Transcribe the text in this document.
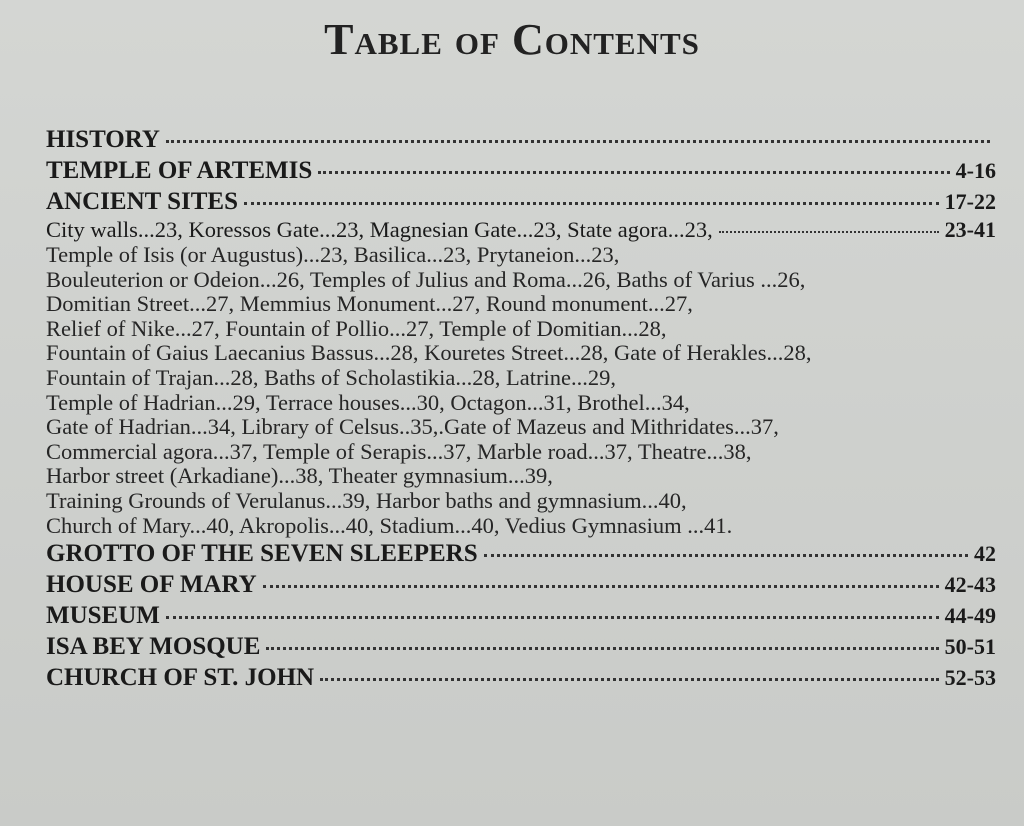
Table of Contents
HISTORY
TEMPLE OF ARTEMIS	4-16
ANCIENT SITES	17-22
City walls...23, Koressos Gate...23, Magnesian Gate...23, State agora...23,	23-41
Temple of Isis (or Augustus)...23, Basilica...23, Prytaneion...23,
Bouleuterion or Odeion...26, Temples of Julius and Roma...26, Baths of Varius ...26,
Domitian Street...27, Memmius Monument...27, Round monument...27,
Relief of Nike...27, Fountain of Pollio...27, Temple of Domitian...28,
Fountain of Gaius Laecanius Bassus...28, Kouretes Street...28, Gate of Herakles...28,
Fountain of Trajan...28, Baths of Scholastikia...28, Latrine...29,
Temple of Hadrian...29, Terrace houses...30, Octagon...31, Brothel...34,
Gate of Hadrian...34, Library of Celsus..35,.Gate of Mazeus and Mithridates...37,
Commercial agora...37, Temple of Serapis...37, Marble road...37, Theatre...38,
Harbor street (Arkadiane)...38, Theater gymnasium...39,
Training Grounds of Verulanus...39, Harbor baths and gymnasium...40,
Church of Mary...40, Akropolis...40, Stadium...40, Vedius Gymnasium ...41.
GROTTO OF THE SEVEN SLEEPERS	42
HOUSE OF MARY	42-43
MUSEUM	44-49
ISA BEY MOSQUE	50-51
CHURCH OF ST. JOHN	52-53
